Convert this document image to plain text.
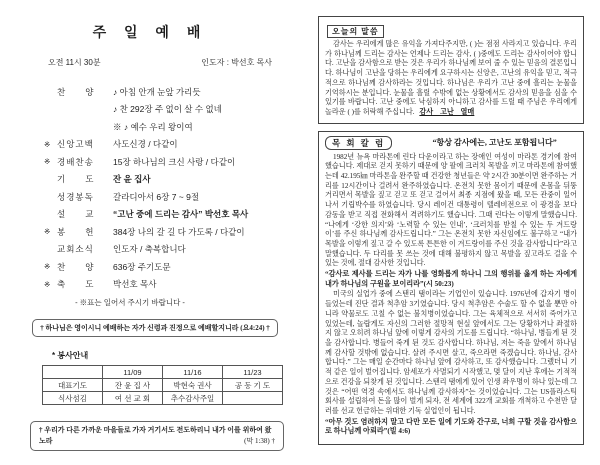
주 일 예 배
오전 11시 30분	인도자 : 박선호 목사
찬　　양	♪ 아침 안개 눈앞 가리듯
♪ 찬 292장 주 없이 살 수 없네
※ ♪ 예수 우리 왕이여
※ 신앙고백	사도신경 / 다같이
※ 경배찬송	15장 하나님의 크신 사랑 / 다같이
기　　도	잔 윤 집사
성경봉독	갈라디아서 6장 7 ~ 9절
설　　교	“고난 중에 드리는 감사” 박선호 목사
※ 봉　　헌	384장 나의 갈 길 다 가도록 / 다같이
교회소식	인도자 / 축복합니다
※ 찬　　양	636장 주기도문
※ 축　　도	박선호 목사
- ※표는 일어서 주시기 바랍니다 -
† 하나님은 영이시니 예배하는 자가 신령과 진정으로 예배할지니라 (요4:24) †
* 봉사안내
	11/09	11/16	11/23
대표기도	잔 윤 집 사	박현숙 권사	공 동 기 도
식사섬김	여 선 교 회	추수감사주일	
† 우리가 다른 가까운 마을들로 가자 거기서도 전도하리니 내가 이를 위하여 왔노라	(막 1:38) †
오늘의 말씀
감사는 우리에게 많은 유익을 가져다주지만, ( )는 점점 사라지고 있습니다. 우리가 하나님께 드리는 감사는 언제나 드리는 감사, ( )중에도 드리는 감사이어야 합니다. 고난을 감사함으로 받는 것은 우리가 하나님께 보여 줄 수 있는 믿음의 결론입니다. 하나님이 고난을 당하는 우리에게 요구하시는 신앙은, 고난의 유익을 믿고, 적극적으로 하나님께 감사하라는 것입니다. 하나님은 우리가 고난 중에 흘리는 눈물을 기억하시는 분입니다. 눈물을 흘릴 수밖에 없는 상황에서도 감사의 믿음을 심을 수 있기를 바랍니다. 고난 중에도 낙심하지 아니하고 감사를 드릴 때 주님은 우리에게 놀라운 ( )를 허락해 주십니다. 감사 고난 열매
목 회 칼 럼	“항상 감사에는, 고난도 포함됩니다”

1982년 뉴욕 마라톤에 린다 다운이라고 하는 장애인 여성이 마라톤 경기에 참여했습니다. 제대로 걷지 못하기 때문에 양 팔에 크러치 목발을 끼고 마라톤에 참여했는데 42.195㎞ 마라톤을 완주할 때 건강한 청년들은 약 2시간 30분이면 완주하는 거리를 12시간이나 걸려서 완주하였습니다. 온전치 못한 몸이기 때문에 온몸을 뒤뚱거리면서 목발을 짚고 걷고 또 걷고 걸어서 최종 지점에 왔을 때, 모든 관중이 일어나서 기립박수를 하였습니다. 당시 레이건 대통령이 텔레비전으로 이 광경을 보다 감동을 받고 직접 전화해서 격려하기도 했습니다. 그때 린다는 이렇게 말했습니다. “나에게 ‘강한 의지’와 ‘노력할 수 있는 인내’, ‘크러치를 받칠 수 있는 두 겨드랑이’를 주신 하나님께 감사드립니다.” 그는 온전치 못한 자신임에도 불구하고 “내가 목발을 이렇게 짚고 갈 수 있도록 튼튼한 이 겨드랑이를 주신 것을 감사합니다”라고 말했습니다. 두 다리를 못 쓰는 것에 대해 불평하지 않고 목발을 짚고라도 걸을 수 있는 것에, 절대 감사한 것입니다.

“감사로 제사를 드리는 자가 나를 영화롭게 하나니 그의 행위를 옳게 하는 자에게 내가 하나님의 구원을 보이리라”(시 50:23)

미국의 실업가 중에 스탠리 탬이라는 기업인이 있습니다. 1976년에 갑자기 병이 들었는데 진단 결과 척추암 3기였습니다. 당시 척추암은 수술도 할 수 없을 뿐만 아니라 약물로도 고칠 수 없는 불치병이었습니다. 그는 육체적으로 서서히 죽어가고 있었는데, 놀랍게도 자신의 그러한 절망적 현실 앞에서도 그는 당황하거나 좌절하지 않고 오히려 하나님 앞에 이렇게 감사의 기도를 드립니다. “하나님, 병들게 된 것을 감사합니다. 병들어 죽게 된 것도 감사합니다. 하나님, 저는 죽음 앞에서 하나님께 감사할 것밖에 없습니다. 살려 주시면 살고, 죽으라면 죽겠습니다. 하나님, 감사합니다.” 그는 매일 순간마다 하나님 앞에 감사하고, 또 감사했습니다. 그랬더니 기적 같은 일이 벌어집니다. 암세포가 사멸되기 시작했고, 몇 달이 지난 후에는 기적적으로 건강을 되찾게 된 것입니다. 스탠리 탬에게 있어 인생 좌우명이 하나 있는데 그것은 “어떤 역경 속에서도 하나님께 감사하자”는 것이었습니다. 그는 US플라스틱 회사를 설립하여 돈을 많이 벌게 되자, 전 세계에 322개 교회를 개척하고 수천만 달러를 선교 헌금하는 위대한 기독 실업인이 됩니다.

“아무 것도 염려하지 말고 다만 모든 일에 기도와 간구로, 너희 구할 것을 감사함으로 하나님께 아뢰라”(빌 4:6)
